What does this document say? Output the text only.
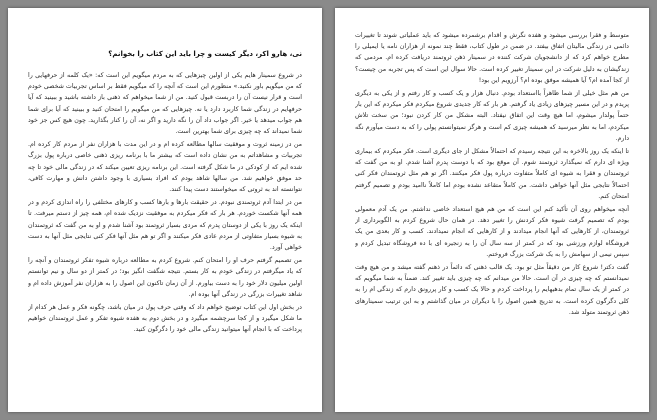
نی، هارو اکر، دیگر کیست و چرا باید این کتاب را بخوانم؟

در شروع سمینار هایم یکی از اولین چیزهایی که به مردم میگویم این است که: «یک کلمه از حرفهایی را که من میگویم باور نکنید.» منظورم این است که آنچه را که میگویم فقط بر اساس تجربیات شخصی خودم است و قرار نیست آن را دربست قبول کنید. من از شما میخواهم که ذهنی باز داشته باشید و ببینید که آیا حرفهایم در زندگی شما کاربرد دارد یا نه. چیزهایی که من میگویم را امتحان کنید و ببینید که آیا برای شما هم جواب میدهد یا خیر. اگر جواب داد آن را نگه دارید و اگر نه، آن را کنار بگذارید. چون هیچ کس جز خود شما نمیداند که چه چیزی برای شما بهترین است.

من در زمینه ثروت و موفقیت سالها مطالعه کرده ام و در این مدت با هزاران نفر از مردم کار کرده ام. تجربیات و مشاهداتم به من نشان داده است که بیشتر ما با برنامه ریزی ذهنی خاصی درباره پول بزرگ شده ایم که از کودکی در ما شکل گرفته است. این برنامه ریزی تعیین میکند که در زندگی مالی خود تا چه حد موفق خواهیم شد. من سالها شاهد بودم که افراد بسیاری با وجود داشتن دانش و مهارت کافی، نتوانسته اند به ثروتی که میخواستند دست پیدا کنند.

من در ابتدا آدم ثروتمندی نبودم. در حقیقت بارها و بارها کسب و کارهای مختلفی را راه اندازی کردم و در همه آنها شکست خوردم. هر بار که فکر میکردم به موفقیت نزدیک شده ام، همه چیز از دستم میرفت. تا اینکه یک روز با یکی از دوستان پدرم که مردی بسیار ثروتمند بود آشنا شدم و او به من گفت که ثروتمندان به شیوه بسیار متفاوتی از مردم عادی فکر میکنند و اگر تو هم مثل آنها فکر کنی نتایجی مثل آنها به دست خواهی آورد.

من تصمیم گرفتم حرف او را امتحان کنم. شروع کردم به مطالعه درباره شیوه تفکر ثروتمندان و آنچه را که یاد میگرفتم در زندگی خودم به کار بستم. نتیجه شگفت انگیز بود؛ در کمتر از دو سال و نیم توانستم اولین میلیون دلار خود را به دست بیاورم. از آن زمان تاکنون این اصول را به هزاران نفر آموزش داده ام و شاهد تغییرات بزرگی در زندگی آنها بوده ام.

در بخش اول این کتاب توضیح خواهم داد که وقتی حرف پول در میان باشد، چگونه فکر و عمل هر کدام از ما شکل میگیرد و از کجا سرچشمه میگیرد و در بخش دوم به هفده شیوه تفکر و عمل ثروتمندان خواهیم پرداخت که با انجام آنها میتوانید زندگی مالی خود را دگرگون کنید.

متوسط و فقرا بررسی میشود و هفده نگرش و اقدام برشمرده میشود که باید عملیاتی شوند تا تغییرات دائمی در زندگی مالیتان اتفاق بیفتد. در ضمن در طول کتاب، فقط چند نمونه از هزاران نامه یا ایمیلی را مطرح خواهم کرد که از دانشجویان شرکت کننده در سمینار ذهن ثروتمند دریافت کرده ام. مردمی که زندگیشان به دلیل شرکت در این سمینار تغییر کرده است. حالا سوال این است که پس تجربه من چیست؟ از کجا آمده ام؟ آیا همیشه موفق بوده ام؟ آرزویم این بود!

من هم مثل خیلی از شما ظاهراً بااستعداد بودم. دنبال هزار و یک کسب و کار رفتم و از یکی به دیگری پریدم و در این مسیر چیزهای زیادی یاد گرفتم. هر بار که کار جدیدی شروع میکردم فکر میکردم که این بار حتماً پولدار میشوم، اما هیچ وقت این اتفاق نیفتاد. البته مشکل من کار کردن نبود؛ من سخت تلاش میکردم، اما به نظر میرسید که همیشه چیزی کم است و هرگز نمیتوانستم پولی را که به دست میآورم نگه دارم.

تا اینکه یک روز بالاخره به این نتیجه رسیدم که احتمالاً مشکل از جای دیگری است. فکر میکردم که بیماری ویژه ای دارم که نمیگذارد ثروتمند شوم. آن موقع بود که با دوست پدرم آشنا شدم. او به من گفت که ثروتمندان و فقرا به شیوه ای کاملاً متفاوت درباره پول فکر میکنند. اگر تو هم مثل ثروتمندان فکر کنی احتمالاً نتایجی مثل آنها خواهی داشت. من کاملاً متقاعد نشده بودم اما کاملاً ناامید بودم و تصمیم گرفتم امتحان کنم.

آنچه میخواهم روی آن تأکید کنم این است که من هم هیچ استعداد خاصی نداشتم. من یک آدم معمولی بودم که تصمیم گرفت شیوه فکر کردنش را تغییر دهد. در همان حال شروع کردم به الگوبرداری از ثروتمندان، از کارهایی که آنها انجام میدادند و از کارهایی که انجام نمیدادند. کسب و کار بعدی من یک فروشگاه لوازم ورزشی بود که در کمتر از سه سال آن را به زنجیره ای با ده فروشگاه تبدیل کردم و سپس نیمی از سهامش را به یک شرکت بزرگ فروختم.

گفت دکتر! شروع کار من دقیقاً مثل تو بود. یک قالب ذهنی که دائماً در ذهنم گفته میشد و من هیچ وقت نمیدانستم که چه چیزی در آن است. حالا من میدانم که چه چیزی باید تغییر کند. ضمناً به شما میگویم که در کمتر از یک سال تمام بدهیهایم را پرداخت کردم و حالا یک کسب و کار پررونق دارم که زندگی ام را به کلی دگرگون کرده است. به تدریج همین اصول را با دیگران در میان گذاشتم و به این ترتیب سمینارهای ذهن ثروتمند متولد شد.
